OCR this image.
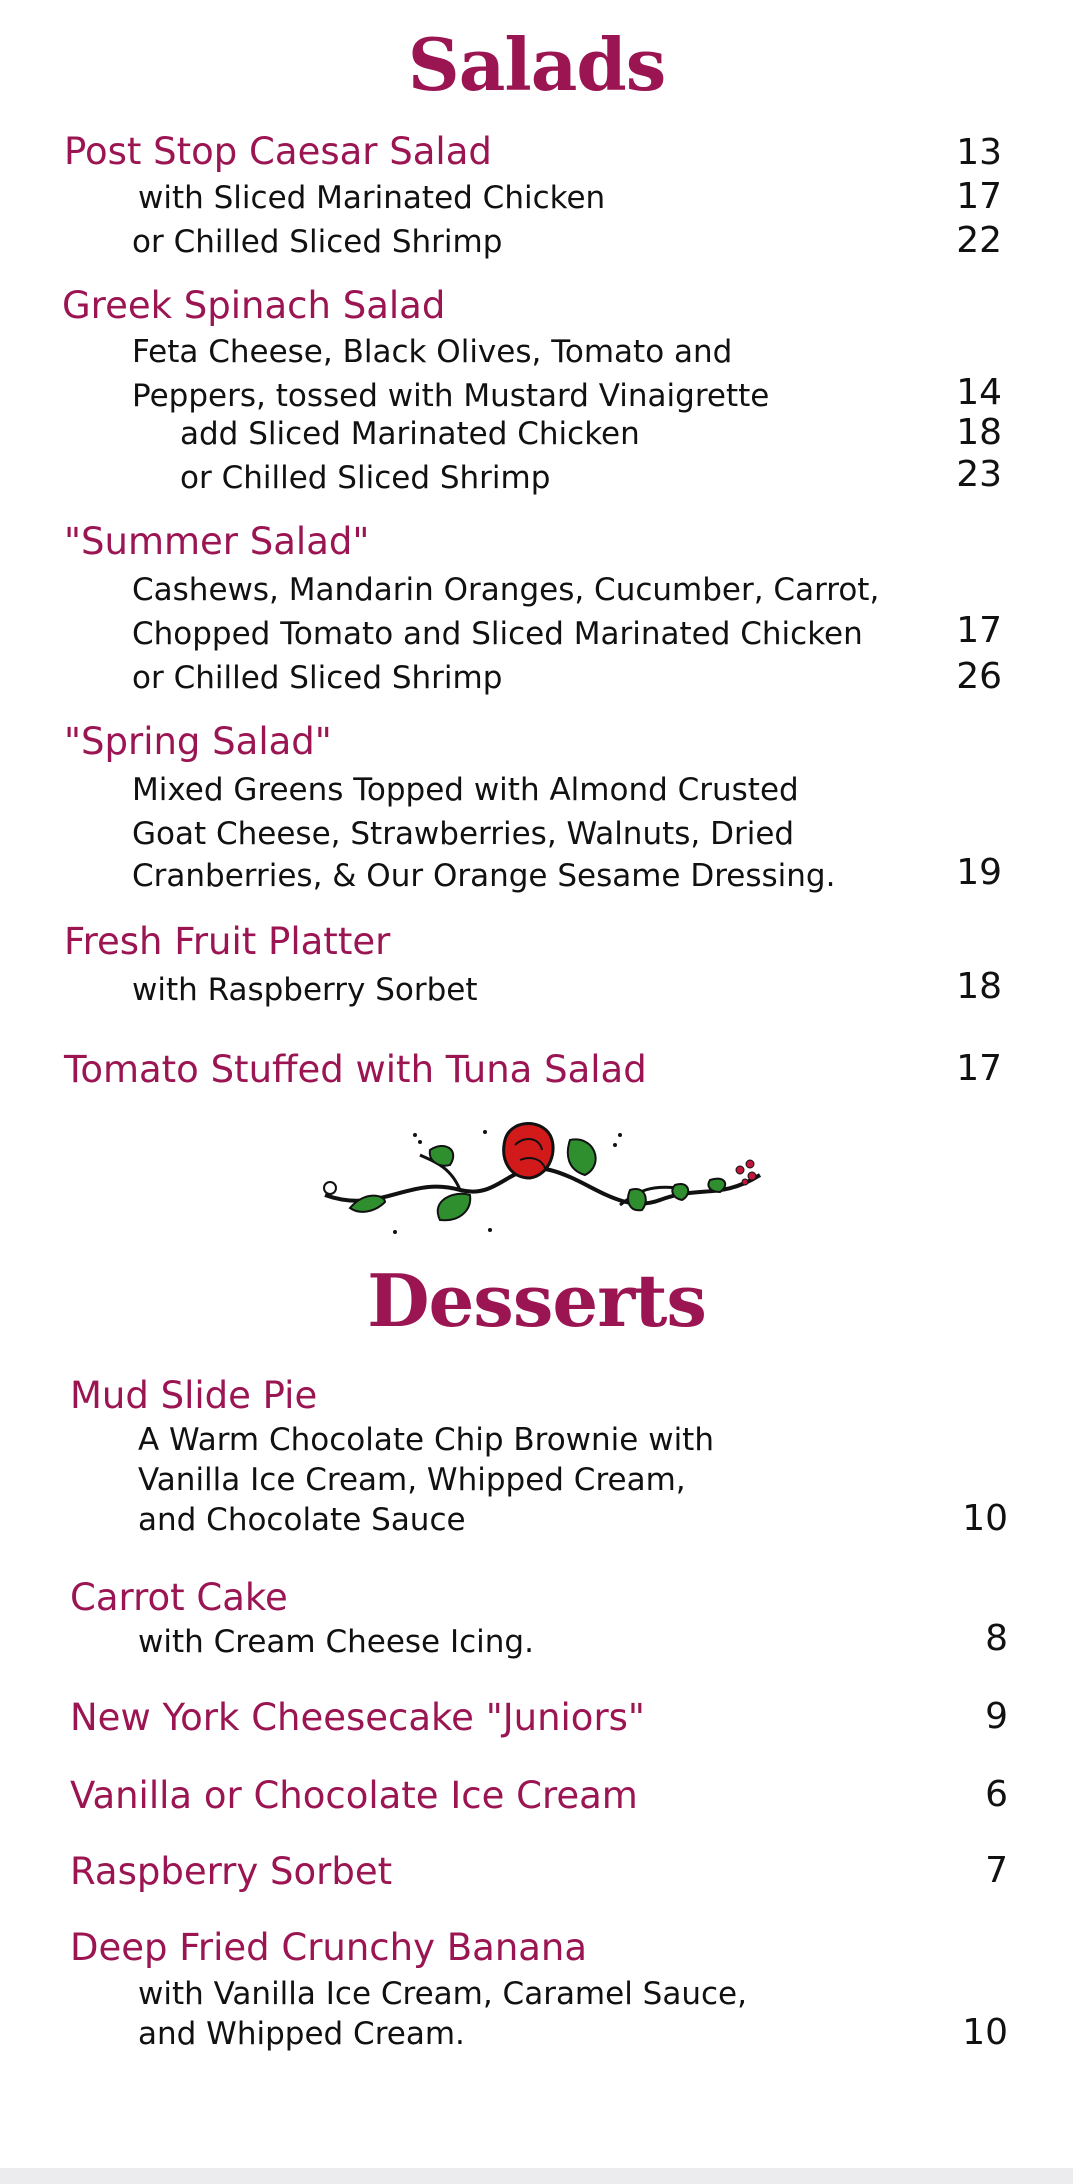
Salads
Post Stop Caesar Salad	13
with Sliced Marinated Chicken	17
or Chilled Sliced Shrimp	22
Greek Spinach Salad
Feta Cheese, Black Olives, Tomato and
Peppers, tossed with Mustard Vinaigrette	14
add Sliced Marinated Chicken	18
or Chilled Sliced Shrimp	23
"Summer Salad"
Cashews, Mandarin Oranges, Cucumber, Carrot,
Chopped Tomato and Sliced Marinated Chicken	17
or Chilled Sliced Shrimp	26
"Spring Salad"
Mixed Greens Topped with Almond Crusted
Goat Cheese, Strawberries, Walnuts, Dried
Cranberries, & Our Orange Sesame Dressing.	19
Fresh Fruit Platter
with Raspberry Sorbet	18
Tomato Stuffed with Tuna Salad	17
Desserts
Mud Slide Pie
A Warm Chocolate Chip Brownie with
Vanilla Ice Cream, Whipped Cream,
and Chocolate Sauce	10
Carrot Cake
with Cream Cheese Icing.	8
New York Cheesecake "Juniors"	9
Vanilla or Chocolate Ice Cream	6
Raspberry Sorbet	7
Deep Fried Crunchy Banana
with Vanilla Ice Cream, Caramel Sauce,
and Whipped Cream.	10
